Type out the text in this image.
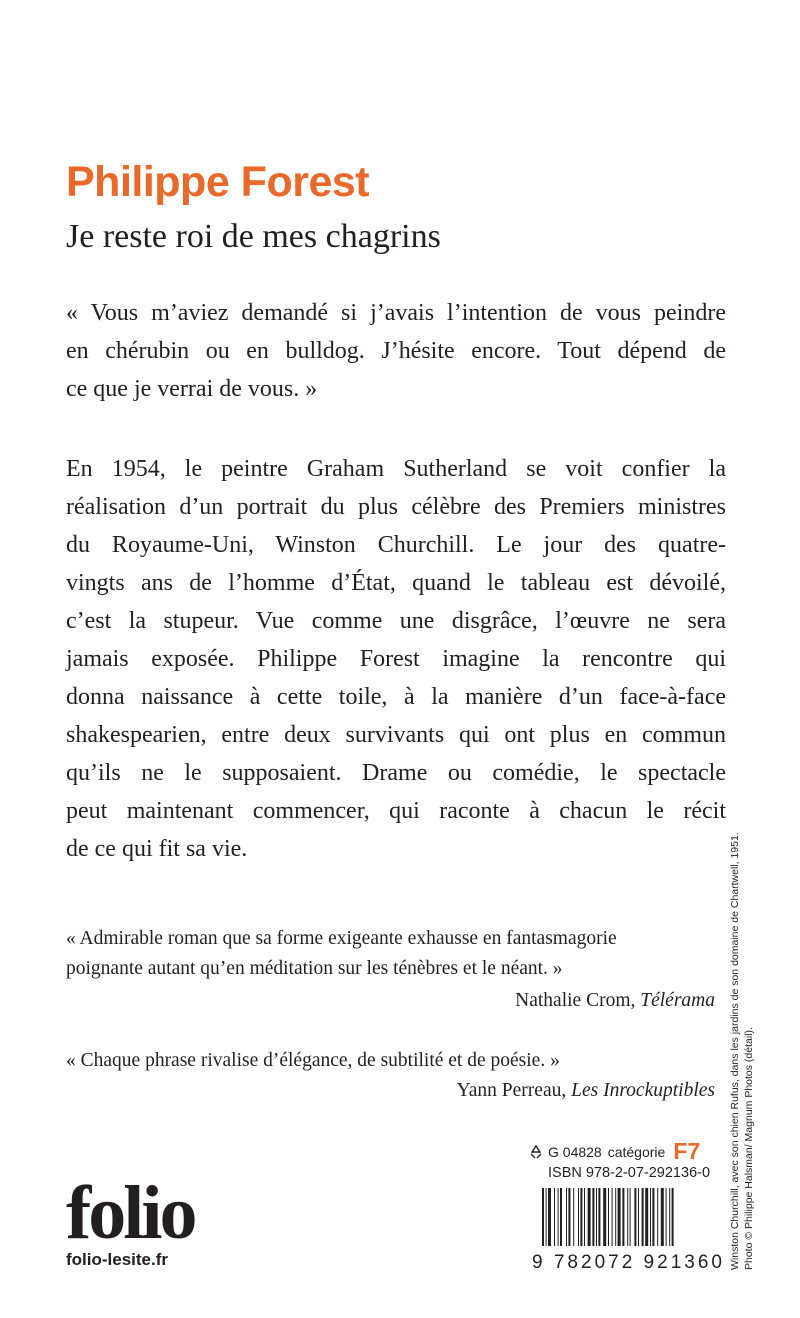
Philippe Forest
Je reste roi de mes chagrins
« Vous m’aviez demandé si j’avais l’intention de vous peindre
en chérubin ou en bulldog. J’hésite encore. Tout dépend de
ce que je verrai de vous. »
En 1954, le peintre Graham Sutherland se voit confier la
réalisation d’un portrait du plus célèbre des Premiers ministres
du Royaume-Uni, Winston Churchill. Le jour des quatre-
vingts ans de l’homme d’État, quand le tableau est dévoilé,
c’est la stupeur. Vue comme une disgrâce, l’œuvre ne sera
jamais exposée. Philippe Forest imagine la rencontre qui
donna naissance à cette toile, à la manière d’un face-à-face
shakespearien, entre deux survivants qui ont plus en commun
qu’ils ne le supposaient. Drame ou comédie, le spectacle
peut maintenant commencer, qui raconte à chacun le récit
de ce qui fit sa vie.
« Admirable roman que sa forme exigeante exhausse en fantasmagorie
poignante autant qu’en méditation sur les ténèbres et le néant. »
Nathalie Crom, Télérama
« Chaque phrase rivalise d’élégance, de subtilité et de poésie. »
Yann Perreau, Les Inrockuptibles
G 04828 catégorie F7
ISBN 978-2-07-292136-0
9 782072 921360
folio
folio-lesite.fr	Winston Churchill, avec son chien Rufus, dans les jardins de son domaine de Chartwell, 1951. Photo © Philippe Halsman/ Magnum Photos (détail).
